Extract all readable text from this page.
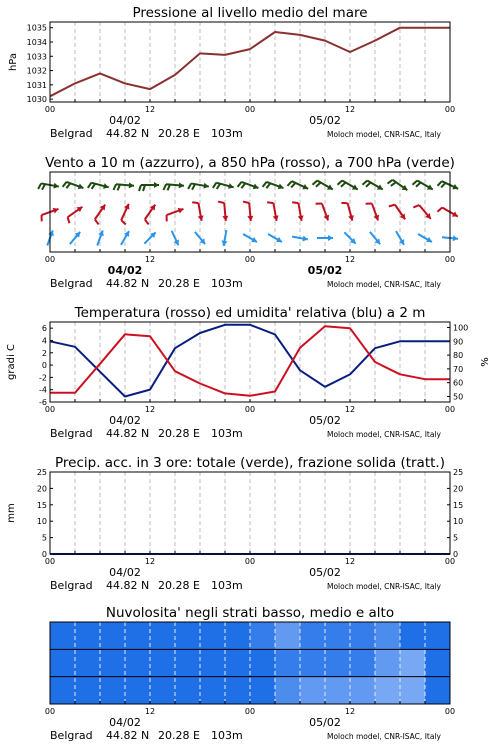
1030
1031
1032
1033
1034
1035
Pressione al livello medio del mare
hPa
00	12	00	12	00
04/02	05/02
Belgrad 44.82 N 20.28 E 103m	Moloch model, CNR-ISAC, Italy
Vento a 10 m (azzurro), a 850 hPa (rosso), a 700 hPa (verde)
00	12	00	12	00
04/02	05/02
Belgrad 44.82 N 20.28 E 103m	Moloch model, CNR-ISAC, Italy
-6
-4
-2
0
2
4
6
50
60
70
80
90
100
Temperatura (rosso) ed umidita' relativa (blu) a 2 m
gradi C	%
00	12	00	12	00
04/02	05/02
Belgrad 44.82 N 20.28 E 103m	Moloch model, CNR-ISAC, Italy
0	0
5	5
10	10
15	15
20	20
25	25
Precip. acc. in 3 ore: totale (verde), frazione solida (tratt.)
mm
00	12	00	12	00
04/02	05/02
Belgrad 44.82 N 20.28 E 103m	Moloch model, CNR-ISAC, Italy
Nuvolosita' negli strati basso, medio e alto
00	12	00	12	00
04/02	05/02
Belgrad 44.82 N 20.28 E 103m	Moloch model, CNR-ISAC, Italy
